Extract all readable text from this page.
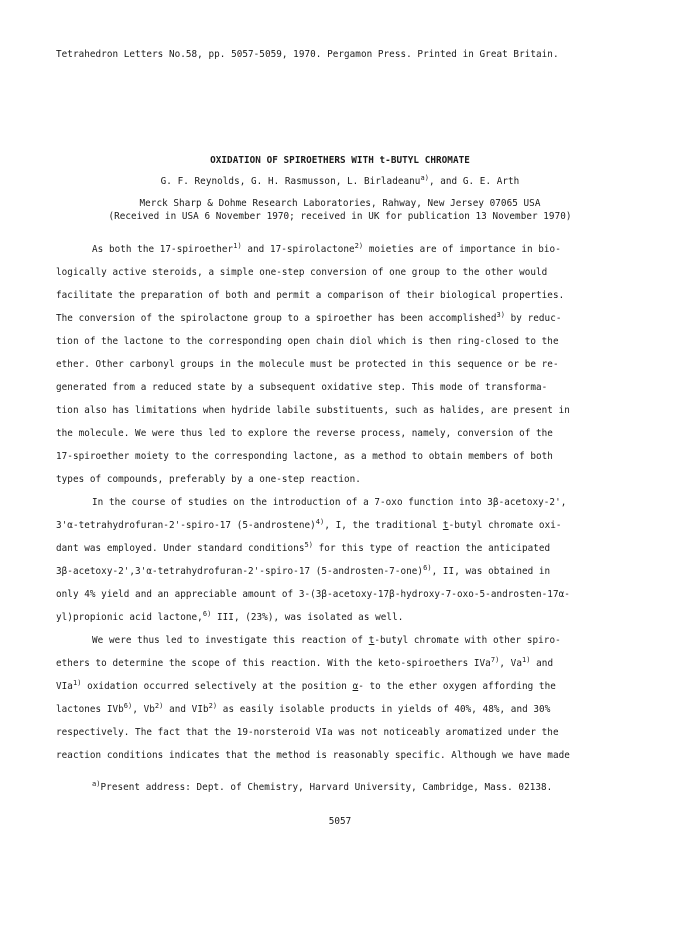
Tetrahedron Letters No.58, pp. 5057-5059, 1970. Pergamon Press. Printed in Great Britain.
OXIDATION OF SPIROETHERS WITH t-BUTYL CHROMATE
G. F. Reynolds, G. H. Rasmusson, L. Birladeanu$^{a)}$, and G. E. Arth
Merck Sharp & Dohme Research Laboratories, Rahway, New Jersey 07065 USA
(Received in USA 6 November 1970; received in UK for publication 13 November 1970)
As both the 17-spiroether$^{1)}$ and 17-spirolactone$^{2)}$ moieties are of importance in bio-
logically active steroids, a simple one-step conversion of one group to the other would
facilitate the preparation of both and permit a comparison of their biological properties.
The conversion of the spirolactone group to a spiroether has been accomplished$^{3)}$ by reduc-
tion of the lactone to the corresponding open chain diol which is then ring-closed to the
ether. Other carbonyl groups in the molecule must be protected in this sequence or be re-
generated from a reduced state by a subsequent oxidative step. This mode of transforma-
tion also has limitations when hydride labile substituents, such as halides, are present in
the molecule. We were thus led to explore the reverse process, namely, conversion of the
17-spiroether moiety to the corresponding lactone, as a method to obtain members of both
types of compounds, preferably by a one-step reaction.
In the course of studies on the introduction of a 7-oxo function into 3β-acetoxy-2',
3'α-tetrahydrofuran-2'-spiro-17 (5-androstene)$^{4)}$, I, the traditional t-butyl chromate oxi-
dant was employed. Under standard conditions$^{5)}$ for this type of reaction the anticipated
3β-acetoxy-2',3'α-tetrahydrofuran-2'-spiro-17 (5-androsten-7-one)$^{6)}$, II, was obtained in
only 4% yield and an appreciable amount of 3-(3β-acetoxy-17β-hydroxy-7-oxo-5-androsten-17α-
yl)propionic acid lactone,$^{6)}$ III, (23%), was isolated as well.
We were thus led to investigate this reaction of t-butyl chromate with other spiro-
ethers to determine the scope of this reaction. With the keto-spiroethers IVa$^{7)}$, Va$^{1)}$ and
VIa$^{1)}$ oxidation occurred selectively at the position α- to the ether oxygen affording the
lactones IVb$^{6)}$, Vb$^{2)}$ and VIb$^{2)}$ as easily isolable products in yields of 40%, 48%, and 30%
respectively. The fact that the 19-norsteroid VIa was not noticeably aromatized under the
reaction conditions indicates that the method is reasonably specific. Although we have made
$^{a)}$Present address: Dept. of Chemistry, Harvard University, Cambridge, Mass. 02138.
5057
